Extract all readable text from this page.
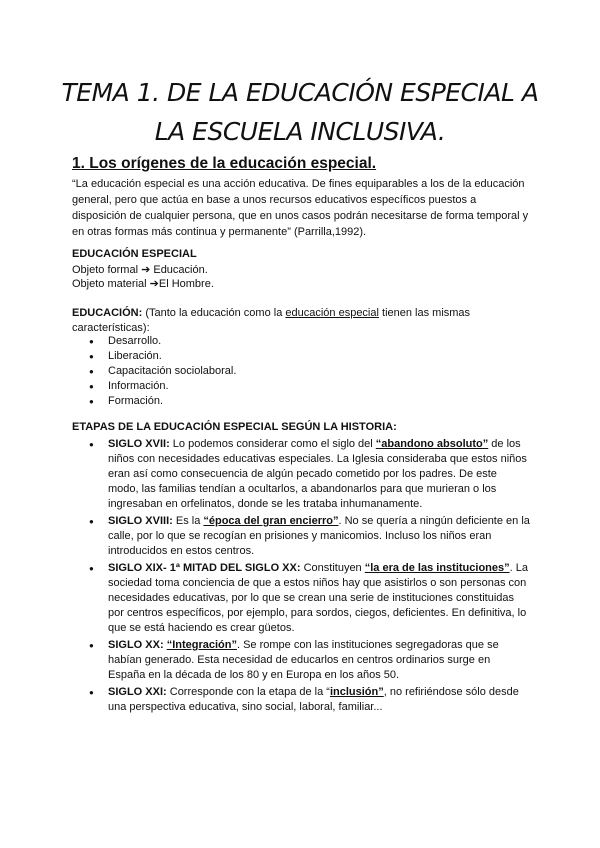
TEMA 1. DE LA EDUCACIÓN ESPECIAL A
LA ESCUELA INCLUSIVA.
1. Los orígenes de la educación especial.
“La educación especial es una acción educativa. De fines equiparables a los de la educación general, pero que actúa en base a unos recursos educativos específicos puestos a disposición de cualquier persona, que en unos casos podrán necesitarse de forma temporal y en otras formas más continua y permanente” (Parrilla,1992).
EDUCACIÓN ESPECIAL
Objeto formal ➔ Educación.
Objeto material ➔El Hombre.
EDUCACIÓN: (Tanto la educación como la educación especial tienen las mismas características):
● Desarrollo.
● Liberación.
● Capacitación sociolaboral.
● Información.
● Formación.
ETAPAS DE LA EDUCACIÓN ESPECIAL SEGÚN LA HISTORIA:
● SIGLO XVII: Lo podemos considerar como el siglo del “abandono absoluto” de los niños con necesidades educativas especiales. La Iglesia consideraba que estos niños eran así como consecuencia de algún pecado cometido por los padres. De este modo, las familias tendían a ocultarlos, a abandonarlos para que murieran o los ingresaban en orfelinatos, donde se les trataba inhumanamente.
● SIGLO XVIII: Es la “época del gran encierro”. No se quería a ningún deficiente en la calle, por lo que se recogían en prisiones y manicomios. Incluso los niños eran introducidos en estos centros.
● SIGLO XIX- 1ª MITAD DEL SIGLO XX: Constituyen “la era de las instituciones”. La sociedad toma conciencia de que a estos niños hay que asistirlos o son personas con necesidades educativas, por lo que se crean una serie de instituciones constituidas por centros específicos, por ejemplo, para sordos, ciegos, deficientes. En definitiva, lo que se está haciendo es crear güetos.
● SIGLO XX: “Integración”. Se rompe con las instituciones segregadoras que se habían generado. Esta necesidad de educarlos en centros ordinarios surge en España en la década de los 80 y en Europa en los años 50.
● SIGLO XXI: Corresponde con la etapa de la “inclusión”, no refiriéndose sólo desde una perspectiva educativa, sino social, laboral, familiar...
